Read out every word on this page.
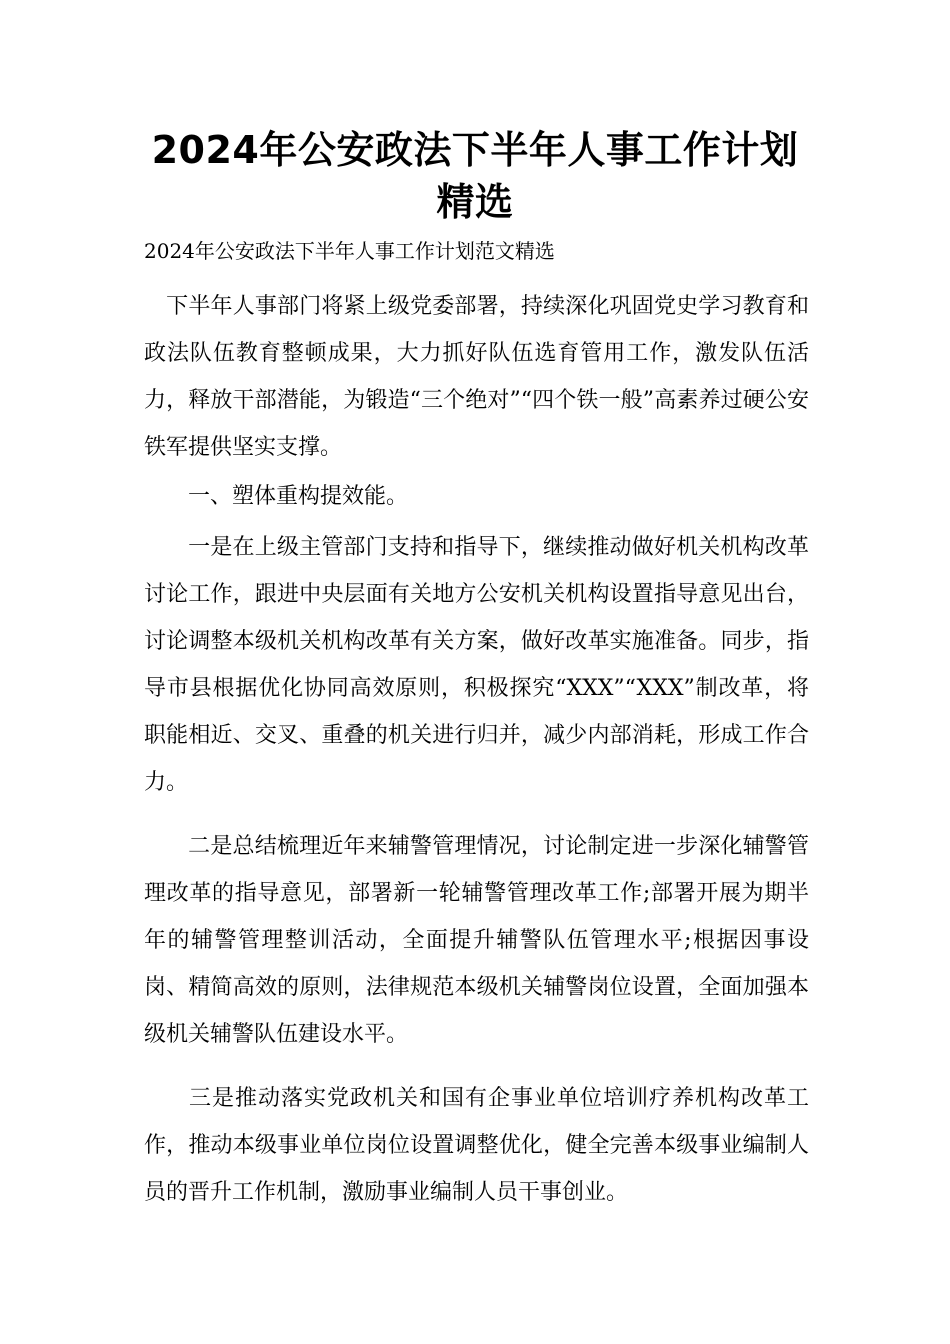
2024年公安政法下半年人事工作计划精选

2024年公安政法下半年人事工作计划范文精选

下半年人事部门将紧上级党委部署，持续深化巩固党史学习教育和政法队伍教育整顿成果，大力抓好队伍选育管用工作，激发队伍活力，释放干部潜能，为锻造“三个绝对”“四个铁一般”高素养过硬公安铁军提供坚实支撑。

一、塑体重构提效能。

一是在上级主管部门支持和指导下，继续推动做好机关机构改革讨论工作，跟进中央层面有关地方公安机关机构设置指导意见出台，讨论调整本级机关机构改革有关方案，做好改革实施准备。同步，指导市县根据优化协同高效原则，积极探究“XXX”“XXX”制改革，将职能相近、交叉、重叠的机关进行归并，减少内部消耗，形成工作合力。

二是总结梳理近年来辅警管理情况，讨论制定进一步深化辅警管理改革的指导意见，部署新一轮辅警管理改革工作;部署开展为期半年的辅警管理整训活动，全面提升辅警队伍管理水平;根据因事设岗、精简高效的原则，法律规范本级机关辅警岗位设置，全面加强本级机关辅警队伍建设水平。

三是推动落实党政机关和国有企事业单位培训疗养机构改革工作，推动本级事业单位岗位设置调整优化，健全完善本级事业编制人员的晋升工作机制，激励事业编制人员干事创业。
